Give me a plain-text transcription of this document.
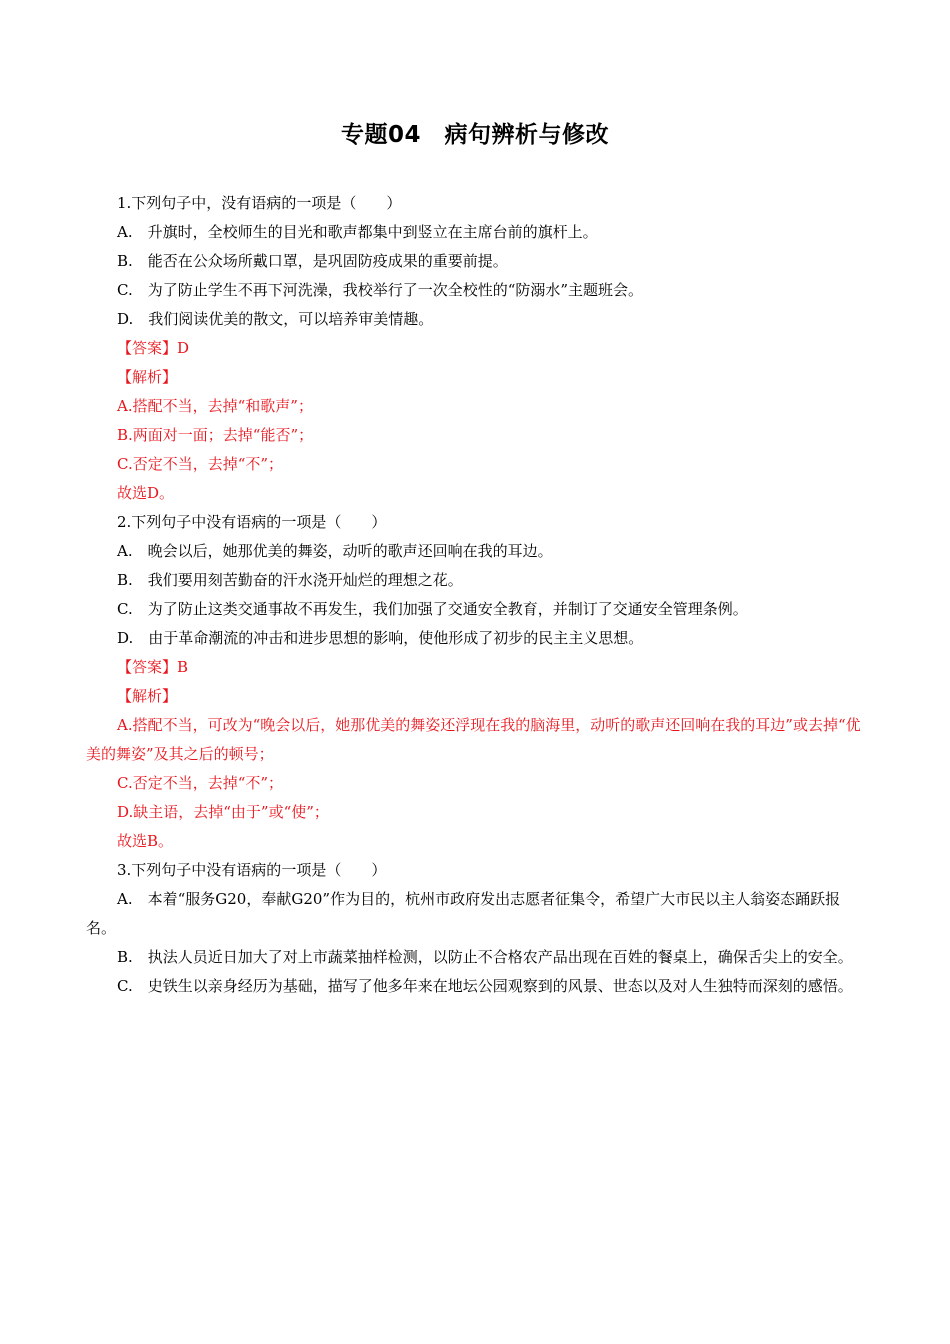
专题04　病句辨析与修改
1.下列句子中，没有语病的一项是（　　）
A.　升旗时，全校师生的目光和歌声都集中到竖立在主席台前的旗杆上。
B.　能否在公众场所戴口罩，是巩固防疫成果的重要前提。
C.　为了防止学生不再下河洗澡，我校举行了一次全校性的“防溺水”主题班会。
D.　我们阅读优美的散文，可以培养审美情趣。
【答案】D
【解析】
A.搭配不当，去掉“和歌声”；
B.两面对一面；去掉“能否”；
C.否定不当，去掉“不”；
故选D。
2.下列句子中没有语病的一项是（　　）
A.　晚会以后，她那优美的舞姿，动听的歌声还回响在我的耳边。
B.　我们要用刻苦勤奋的汗水浇开灿烂的理想之花。
C.　为了防止这类交通事故不再发生，我们加强了交通安全教育，并制订了交通安全管理条例。
D.　由于革命潮流的冲击和进步思想的影响，使他形成了初步的民主主义思想。
【答案】B
【解析】
A.搭配不当，可改为“晚会以后，她那优美的舞姿还浮现在我的脑海里，动听的歌声还回响在我的耳边”或去掉“优美的舞姿”及其之后的顿号；
C.否定不当，去掉“不”；
D.缺主语，去掉“由于”或“使”；
故选B。
3.下列句子中没有语病的一项是（　　）
A.　本着“服务G20，奉献G20”作为目的，杭州市政府发出志愿者征集令，希望广大市民以主人翁姿态踊跃报名。
B.　执法人员近日加大了对上市蔬菜抽样检测，以防止不合格农产品出现在百姓的餐桌上，确保舌尖上的安全。
C.　史铁生以亲身经历为基础，描写了他多年来在地坛公园观察到的风景、世态以及对人生独特而深刻的感悟。
